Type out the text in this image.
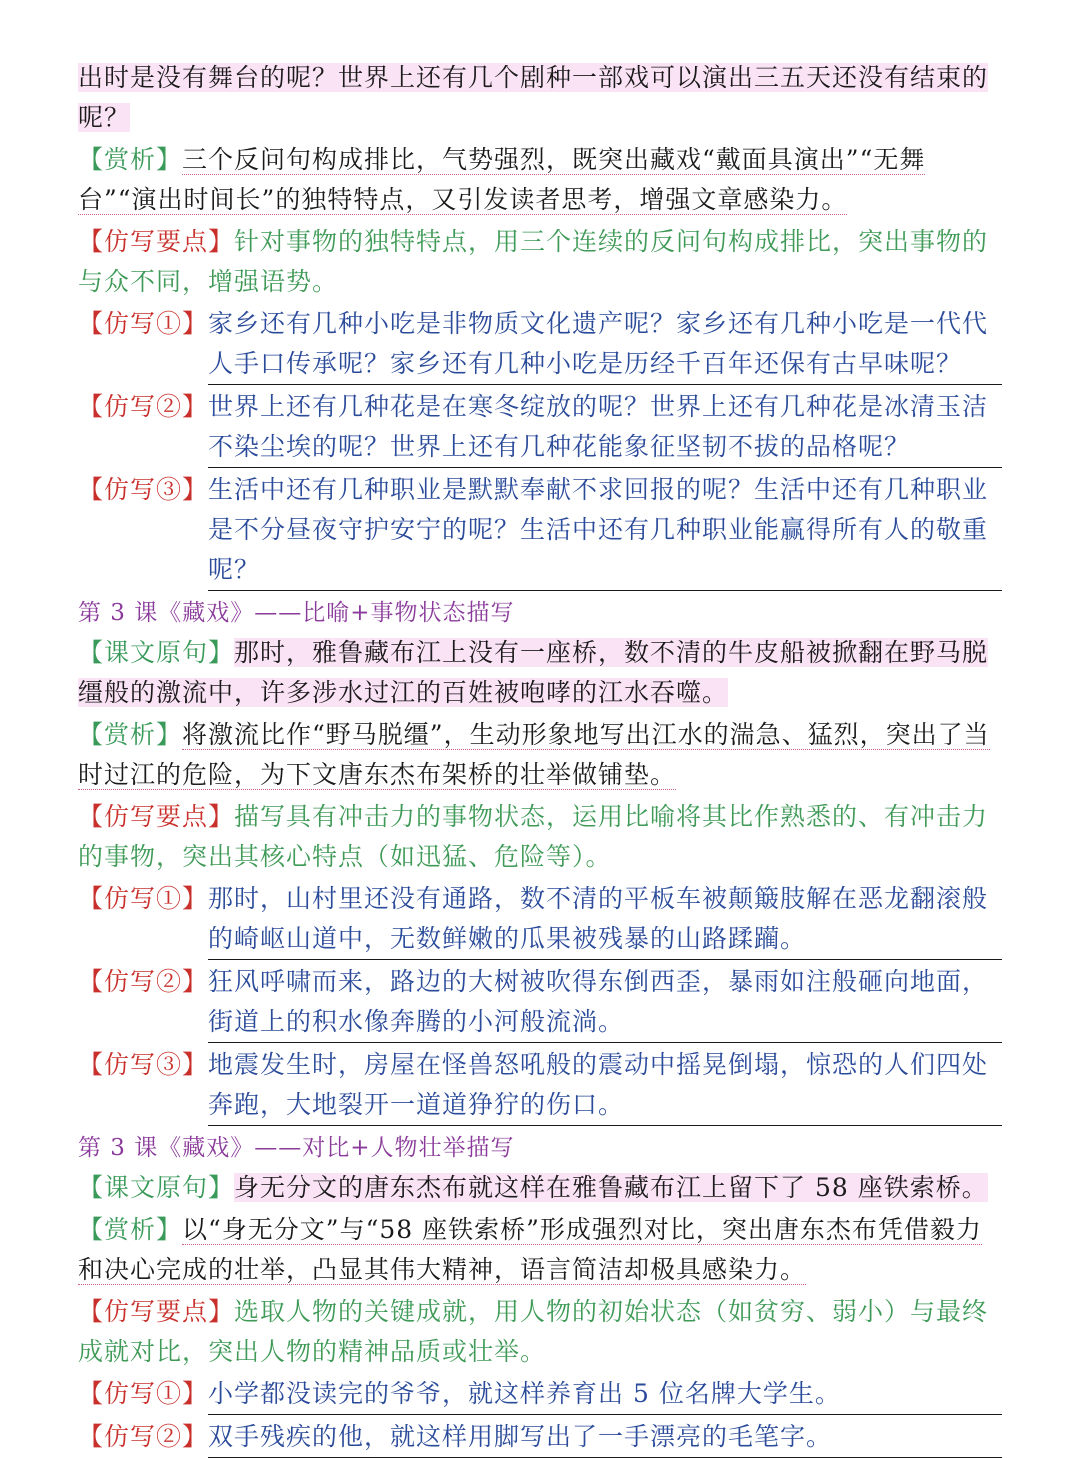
出时是没有舞台的呢？世界上还有几个剧种一部戏可以演出三五天还没有结束的呢？

【赏析】三个反问句构成排比，气势强烈，既突出藏戏“戴面具演出”“无舞台”“演出时间长”的独特特点，又引发读者思考，增强文章感染力。

【仿写要点】针对事物的独特特点，用三个连续的反问句构成排比，突出事物的与众不同，增强语势。

【仿写①】 家乡还有几种小吃是非物质文化遗产呢？家乡还有几种小吃是一代代人手口传承呢？家乡还有几种小吃是历经千百年还保有古早味呢？
【仿写②】 世界上还有几种花是在寒冬绽放的呢？世界上还有几种花是冰清玉洁不染尘埃的呢？世界上还有几种花能象征坚韧不拔的品格呢？
【仿写③】 生活中还有几种职业是默默奉献不求回报的呢？生活中还有几种职业是不分昼夜守护安宁的呢？生活中还有几种职业能赢得所有人的敬重呢？

第 3 课《藏戏》——比喻+事物状态描写

【课文原句】那时，雅鲁藏布江上没有一座桥，数不清的牛皮船被掀翻在野马脱缰般的激流中，许多涉水过江的百姓被咆哮的江水吞噬。

【赏析】将激流比作“野马脱缰”，生动形象地写出江水的湍急、猛烈，突出了当时过江的危险，为下文唐东杰布架桥的壮举做铺垫。

【仿写要点】描写具有冲击力的事物状态，运用比喻将其比作熟悉的、有冲击力的事物，突出其核心特点（如迅猛、危险等）。

【仿写①】 那时，山村里还没有通路，数不清的平板车被颠簸肢解在恶龙翻滚般的崎岖山道中，无数鲜嫩的瓜果被残暴的山路蹂躏。
【仿写②】 狂风呼啸而来，路边的大树被吹得东倒西歪，暴雨如注般砸向地面，街道上的积水像奔腾的小河般流淌。
【仿写③】 地震发生时，房屋在怪兽怒吼般的震动中摇晃倒塌，惊恐的人们四处奔跑，大地裂开一道道狰狞的伤口。

第 3 课《藏戏》——对比+人物壮举描写

【课文原句】身无分文的唐东杰布就这样在雅鲁藏布江上留下了 58 座铁索桥。

【赏析】以“身无分文”与“58 座铁索桥”形成强烈对比，突出唐东杰布凭借毅力和决心完成的壮举，凸显其伟大精神，语言简洁却极具感染力。

【仿写要点】选取人物的关键成就，用人物的初始状态（如贫穷、弱小）与最终成就对比，突出人物的精神品质或壮举。

【仿写①】 小学都没读完的爷爷，就这样养育出 5 位名牌大学生。
【仿写②】 双手残疾的他，就这样用脚写出了一手漂亮的毛笔字。
